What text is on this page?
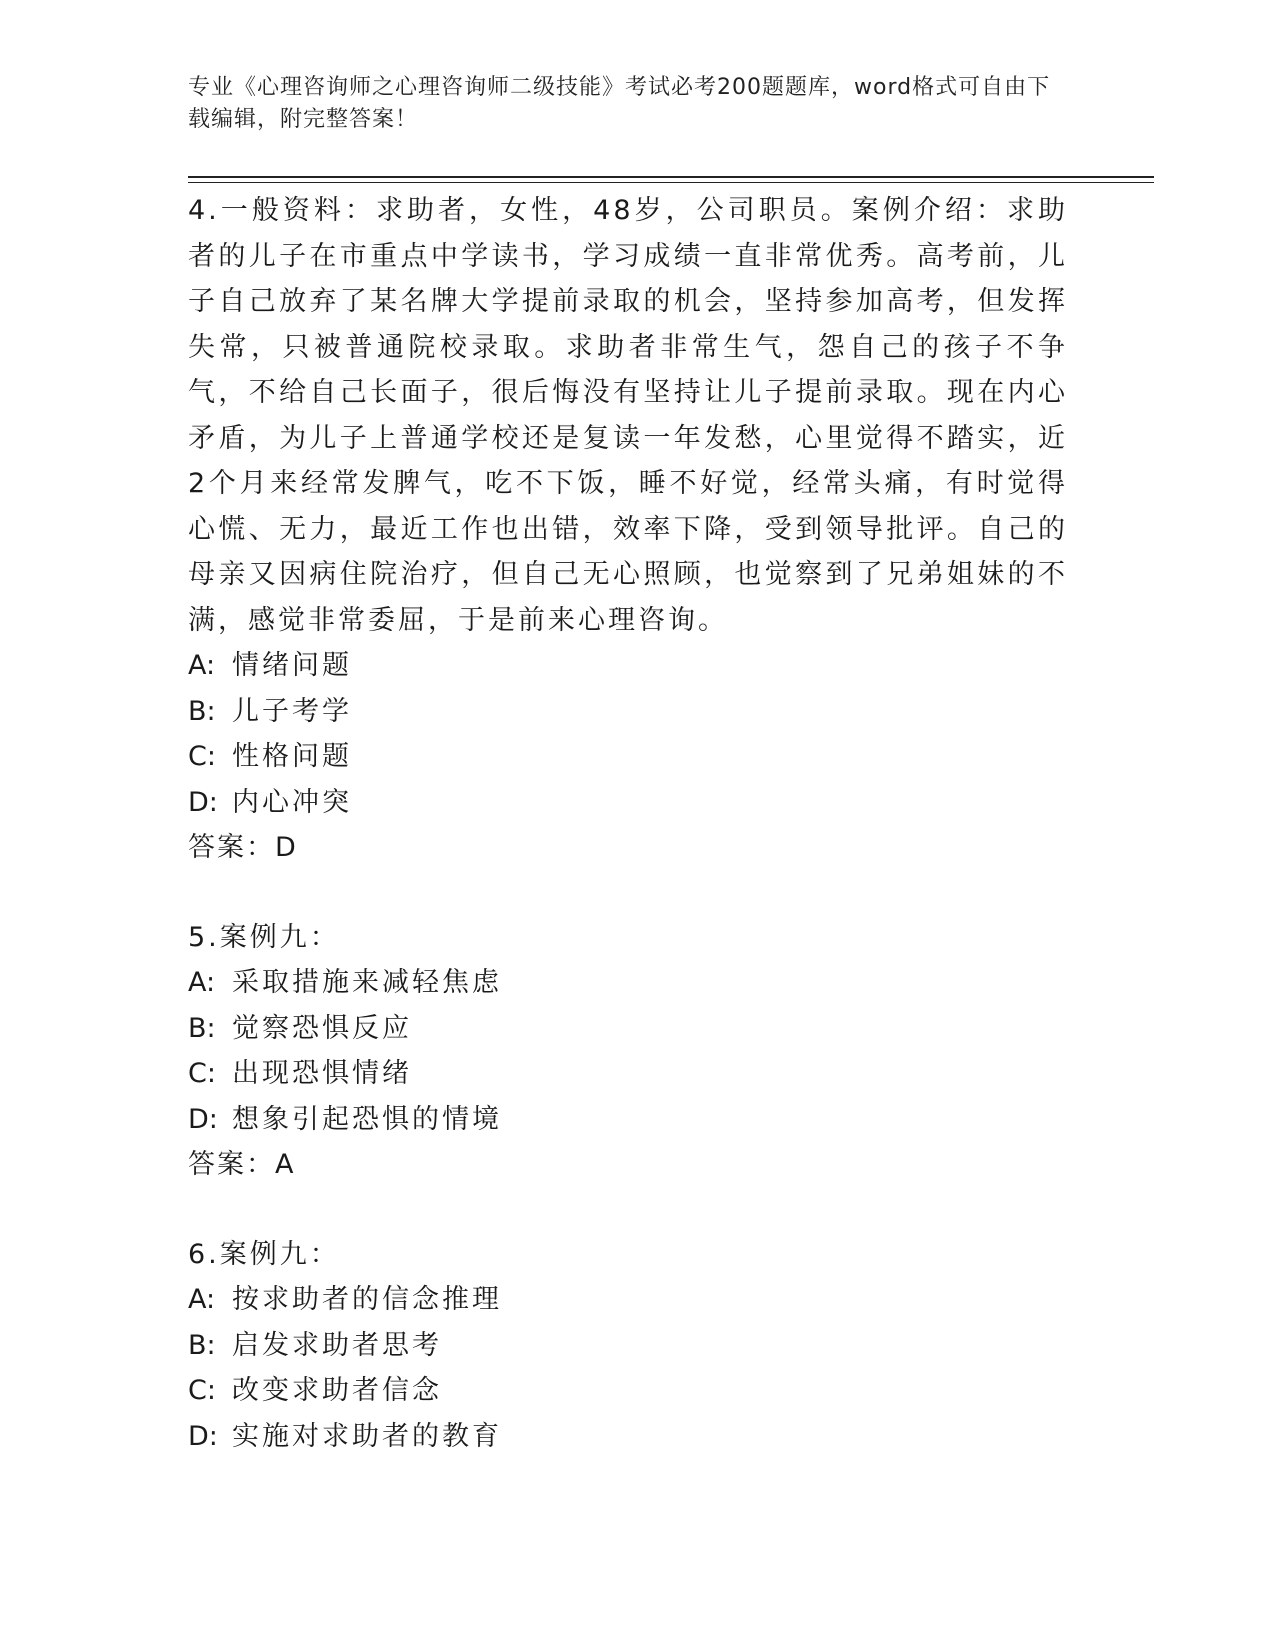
专业《心理咨询师之心理咨询师二级技能》考试必考200题题库，word格式可自由下载编辑，附完整答案！

4.一般资料：求助者，女性，48岁，公司职员。案例介绍：求助者的儿子在市重点中学读书，学习成绩一直非常优秀。高考前，儿子自己放弃了某名牌大学提前录取的机会，坚持参加高考，但发挥失常，只被普通院校录取。求助者非常生气，怨自己的孩子不争气，不给自己长面子，很后悔没有坚持让儿子提前录取。现在内心矛盾，为儿子上普通学校还是复读一年发愁，心里觉得不踏实，近2个月来经常发脾气，吃不下饭，睡不好觉，经常头痛，有时觉得心慌、无力，最近工作也出错，效率下降，受到领导批评。自己的母亲又因病住院治疗，但自己无心照顾，也觉察到了兄弟姐妹的不满，感觉非常委屈，于是前来心理咨询。

A: 情绪问题

B: 儿子考学

C: 性格问题

D: 内心冲突

答案：D

5.案例九：

A: 采取措施来减轻焦虑

B: 觉察恐惧反应

C: 出现恐惧情绪

D: 想象引起恐惧的情境

答案：A

6.案例九：

A: 按求助者的信念推理

B: 启发求助者思考

C: 改变求助者信念

D: 实施对求助者的教育
